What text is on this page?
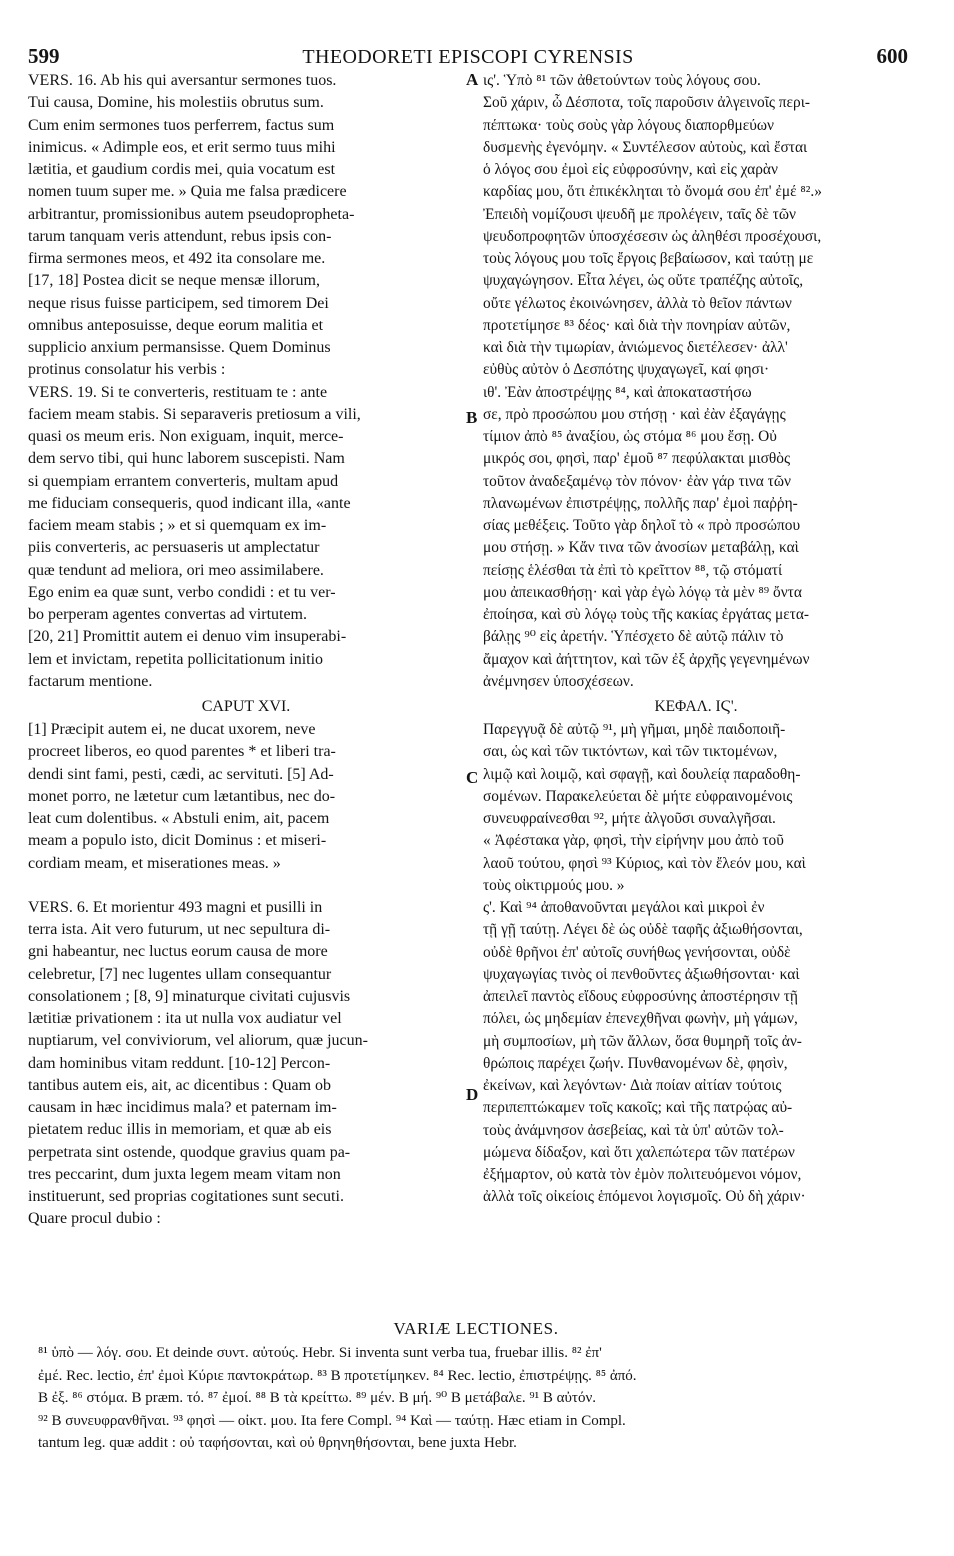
599	THEODORETI EPISCOPI CYRENSIS	600
VERS. 16. Ab his qui aversantur sermones tuos.
Tui causa, Domine, his molestiis obrutus sum.
Cum enim sermones tuos perferrem, factus sum
inimicus. « Adimple eos, et erit sermo tuus mihi
lætitia, et gaudium cordis mei, quia vocatum est
nomen tuum super me. » Quia me falsa prædicere
arbitrantur, promissionibus autem pseudopropheta-
tarum tanquam veris attendunt, rebus ipsis con-
firma sermones meos, et 492 ita consolare me.
[17, 18] Postea dicit se neque mensæ illorum,
neque risus fuisse participem, sed timorem Dei
omnibus anteposuisse, deque eorum malitia et
supplicio anxium permansisse. Quem Dominus
protinus consolatur his verbis :
VERS. 19. Si te converteris, restituam te : ante
faciem meam stabis. Si separaveris pretiosum a vili,
quasi os meum eris. Non exiguam, inquit, merce-
dem servo tibi, qui hunc laborem suscepisti. Nam
si quempiam errantem converteris, multam apud
me fiduciam consequeris, quod indicant illa, «ante
faciem meam stabis ; » et si quemquam ex im-
piis converteris, ac persuaseris ut amplectatur
quæ tendunt ad meliora, ori meo assimilabere.
Ego enim ea quæ sunt, verbo condidi : et tu ver-
bo perperam agentes convertas ad virtutem.
[20, 21] Promittit autem ei denuo vim insuperabi-
lem et invictam, repetita pollicitationum initio
factarum mentione.
CAPUT XVI.
[1] Præcipit autem ei, ne ducat uxorem, neve
procreet liberos, eo quod parentes * et liberi tra-
dendi sint fami, pesti, cædi, ac servituti. [5] Ad-
monet porro, ne lætetur cum lætantibus, nec do-
leat cum dolentibus. « Abstuli enim, ait, pacem
meam a populo isto, dicit Dominus : et miseri-
cordiam meam, et miserationes meas. »
VERS. 6. Et morientur 493 magni et pusilli in
terra ista. Ait vero futurum, ut nec sepultura di-
gni habeantur, nec luctus eorum causa de more
celebretur, [7] nec lugentes ullam consequantur
consolationem ; [8, 9] minaturque civitati cujusvis
lætitiæ privationem : ita ut nulla vox audiatur vel
nuptiarum, vel conviviorum, vel aliorum, quæ jucun-
dam hominibus vitam reddunt. [10-12] Percon-
tantibus autem eis, ait, ac dicentibus : Quam ob
causam in hæc incidimus mala? et paternam im-
pietatem reduc illis in memoriam, et quæ ab eis
perpetrata sint ostende, quodque gravius quam pa-
tres peccarint, dum juxta legem meam vitam non
instituerunt, sed proprias cogitationes sunt secuti.
Quare procul dubio :
ις'. Ὑπὸ ⁸¹ τῶν ἀθετούντων τοὺς λόγους σου.
Σοῦ χάριν, ὦ Δέσποτα, τοῖς παροῦσιν ἀλγεινοῖς περι-
πέπτωκα· τοὺς σοὺς γὰρ λόγους διαπορθμεύων
δυσμενὴς ἐγενόμην. « Συντέλεσον αὐτοὺς, καὶ ἔσται
ὁ λόγος σου ἐμοὶ εἰς εὐφροσύνην, καὶ εἰς χαρὰν
καρδίας μου, ὅτι ἐπικέκληται τὸ ὄνομά σου ἐπ' ἐμέ ⁸².»
Ἐπειδὴ νομίζουσι ψευδῆ με προλέγειν, ταῖς δὲ τῶν
ψευδοπροφητῶν ὑποσχέσεσιν ὡς ἀληθέσι προσέχουσι,
τοὺς λόγους μου τοῖς ἔργοις βεβαίωσον, καὶ ταύτῃ με
ψυχαγώγησον. Εἶτα λέγει, ὡς οὔτε τραπέζης αὐτοῖς,
οὔτε γέλωτος ἐκοινώνησεν, ἀλλὰ τὸ θεῖον πάντων
προτετίμησε ⁸³ δέος· καὶ διὰ τὴν πονηρίαν αὐτῶν,
καὶ διὰ τὴν τιμωρίαν, ἀνιώμενος διετέλεσεν· ἀλλ'
εὐθὺς αὐτὸν ὁ Δεσπότης ψυχαγωγεῖ, καί φησι·
ιθ'. Ἐὰν ἀποστρέψῃς ⁸⁴, καὶ ἀποκαταστήσω
σε, πρὸ προσώπου μου στήσῃ · καὶ ἐὰν ἐξαγάγῃς
τίμιον ἀπὸ ⁸⁵ ἀναξίου, ὡς στόμα ⁸⁶ μου ἔσῃ. Οὐ
μικρός σοι, φησὶ, παρ' ἐμοῦ ⁸⁷ πεφύλακται μισθὸς
τοῦτον ἀναδεξαμένῳ τὸν πόνον· ἐὰν γάρ τινα τῶν
πλανωμένων ἐπιστρέψῃς, πολλῆς παρ' ἐμοὶ παῤῥη-
σίας μεθέξεις. Τοῦτο γὰρ δηλοῖ τὸ « πρὸ προσώπου
μου στήσῃ. » Κἄν τινα τῶν ἀνοσίων μεταβάλῃ, καὶ
πείσῃς ἑλέσθαι τὰ ἐπὶ τὸ κρεῖττον ⁸⁸, τῷ στόματί
μου ἀπεικασθήσῃ· καὶ γὰρ ἐγὼ λόγῳ τὰ μὲν ⁸⁹ ὄντα
ἐποίησα, καὶ σὺ λόγῳ τοὺς τῆς κακίας ἐργάτας μετα-
βάλῃς ⁹⁰ εἰς ἀρετήν. Ὑπέσχετο δὲ αὐτῷ πάλιν τὸ
ἄμαχον καὶ ἀήττητον, καὶ τῶν ἐξ ἀρχῆς γεγενημένων
ἀνέμνησεν ὑποσχέσεων.
ΚΕΦΑΛ. ΙϚ'.
Παρεγγυᾷ δὲ αὐτῷ ⁹¹, μὴ γῆμαι, μηδὲ παιδοποιῆ-
σαι, ὡς καὶ τῶν τικτόντων, καὶ τῶν τικτομένων,
λιμῷ καὶ λοιμῷ, καὶ σφαγῇ, καὶ δουλείᾳ παραδοθη-
σομένων. Παρακελεύεται δὲ μήτε εὐφραινομένοις
συνευφραίνεσθαι ⁹², μήτε ἀλγοῦσι συναλγῆσαι.
« Ἀφέστακα γὰρ, φησὶ, τὴν εἰρήνην μου ἀπὸ τοῦ
λαοῦ τούτου, φησὶ ⁹³ Κύριος, καὶ τὸν ἔλεόν μου, καὶ
τοὺς οἰκτιρμούς μου. »
ς'. Καὶ ⁹⁴ ἀποθανοῦνται μεγάλοι καὶ μικροὶ ἐν
τῇ γῇ ταύτῃ. Λέγει δὲ ὡς οὐδὲ ταφῆς ἀξιωθήσονται,
οὐδὲ θρῆνοι ἐπ' αὐτοῖς συνήθως γενήσονται, οὐδὲ
ψυχαγωγίας τινὸς οἱ πενθοῦντες ἀξιωθήσονται· καὶ
ἀπειλεῖ παντὸς εἴδους εὐφροσύνης ἀποστέρησιν τῇ
πόλει, ὡς μηδεμίαν ἐπενεχθῆναι φωνὴν, μὴ γάμων,
μὴ συμποσίων, μὴ τῶν ἄλλων, ὅσα θυμηρῆ τοῖς ἀν-
θρώποις παρέχει ζωήν. Πυνθανομένων δὲ, φησὶν,
ἐκείνων, καὶ λεγόντων· Διὰ ποίαν αἰτίαν τούτοις
περιπεπτώκαμεν τοῖς κακοῖς; καὶ τῆς πατρῴας αὐ-
τοὺς ἀνάμνησον ἀσεβείας, καὶ τὰ ὑπ' αὐτῶν τολ-
μώμενα δίδαξον, καὶ ὅτι χαλεπώτερα τῶν πατέρων
ἐξήμαρτον, οὐ κατὰ τὸν ἐμὸν πολιτευόμενοι νόμον,
ἀλλὰ τοῖς οἰκείοις ἑπόμενοι λογισμοῖς. Οὐ δὴ χάριν·
A
B
C
D
VARIÆ LECTIONES.
⁸¹ ὑπὸ — λόγ. σου. Et deinde συντ. αὐτούς. Hebr. Si inventa sunt verba tua, fruebar illis. ⁸² ἐπ'
ἐμέ. Rec. lectio, ἐπ' ἐμοὶ Κύριε παντοκράτωρ. ⁸³ B προτετίμηκεν. ⁸⁴ Rec. lectio, ἐπιστρέψῃς. ⁸⁵ ἀπό.
B ἐξ. ⁸⁶ στόμα. B præm. τό. ⁸⁷ ἐμοί. ⁸⁸ B τὰ κρείττω. ⁸⁹ μέν. B μή. ⁹⁰ B μετάβαλε. ⁹¹ B αὐτόν.
⁹² B συνευφρανθῆναι. ⁹³ φησὶ — οἰκτ. μου. Ita fere Compl. ⁹⁴ Καὶ — ταύτῃ. Hæc etiam in Compl.
tantum leg. quæ addit : οὐ ταφήσονται, καὶ οὐ θρηνηθήσονται, bene juxta Hebr.
